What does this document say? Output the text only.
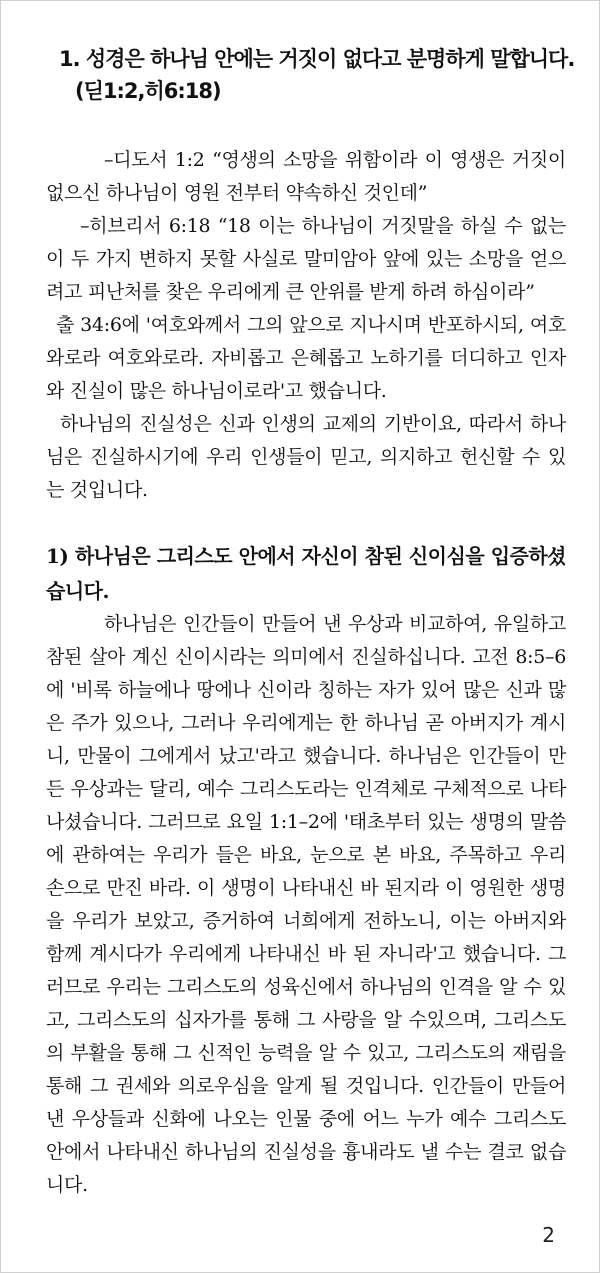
1. 성경은 하나님 안에는 거짓이 없다고 분명하게 말합니다.
(딛1:2,히6:18)

–디도서 1:2 “영생의 소망을 위함이라 이 영생은 거짓이 없으신 하나님이 영원 전부터 약속하신 것인데”

–히브리서 6:18 “18 이는 하나님이 거짓말을 하실 수 없는 이 두 가지 변하지 못할 사실로 말미암아 앞에 있는 소망을 얻으려고 피난처를 찾은 우리에게 큰 안위를 받게 하려 하심이라”

출 34:6에 '여호와께서 그의 앞으로 지나시며 반포하시되, 여호와로라 여호와로라. 자비롭고 은혜롭고 노하기를 더디하고 인자와 진실이 많은 하나님이로라'고 했습니다.

하나님의 진실성은 신과 인생의 교제의 기반이요, 따라서 하나님은 진실하시기에 우리 인생들이 믿고, 의지하고 헌신할 수 있는 것입니다.

1) 하나님은 그리스도 안에서 자신이 참된 신이심을 입증하셨습니다.

하나님은 인간들이 만들어 낸 우상과 비교하여, 유일하고 참된 살아 계신 신이시라는 의미에서 진실하십니다. 고전 8:5–6에 '비록 하늘에나 땅에나 신이라 칭하는 자가 있어 많은 신과 많은 주가 있으나, 그러나 우리에게는 한 하나님 곧 아버지가 계시니, 만물이 그에게서 났고'라고 했습니다. 하나님은 인간들이 만든 우상과는 달리, 예수 그리스도라는 인격체로 구체적으로 나타나셨습니다. 그러므로 요일 1:1–2에 '태초부터 있는 생명의 말씀에 관하여는 우리가 들은 바요, 눈으로 본 바요, 주목하고 우리 손으로 만진 바라. 이 생명이 나타내신 바 된지라 이 영원한 생명을 우리가 보았고, 증거하여 너희에게 전하노니, 이는 아버지와 함께 계시다가 우리에게 나타내신 바 된 자니라'고 했습니다. 그러므로 우리는 그리스도의 성육신에서 하나님의 인격을 알 수 있고, 그리스도의 십자가를 통해 그 사랑을 알 수있으며, 그리스도의 부활을 통해 그 신적인 능력을 알 수 있고, 그리스도의 재림을 통해 그 권세와 의로우심을 알게 될 것입니다. 인간들이 만들어 낸 우상들과 신화에 나오는 인물 중에 어느 누가 예수 그리스도 안에서 나타내신 하나님의 진실성을 흉내라도 낼 수는 결코 없습니다.

2
